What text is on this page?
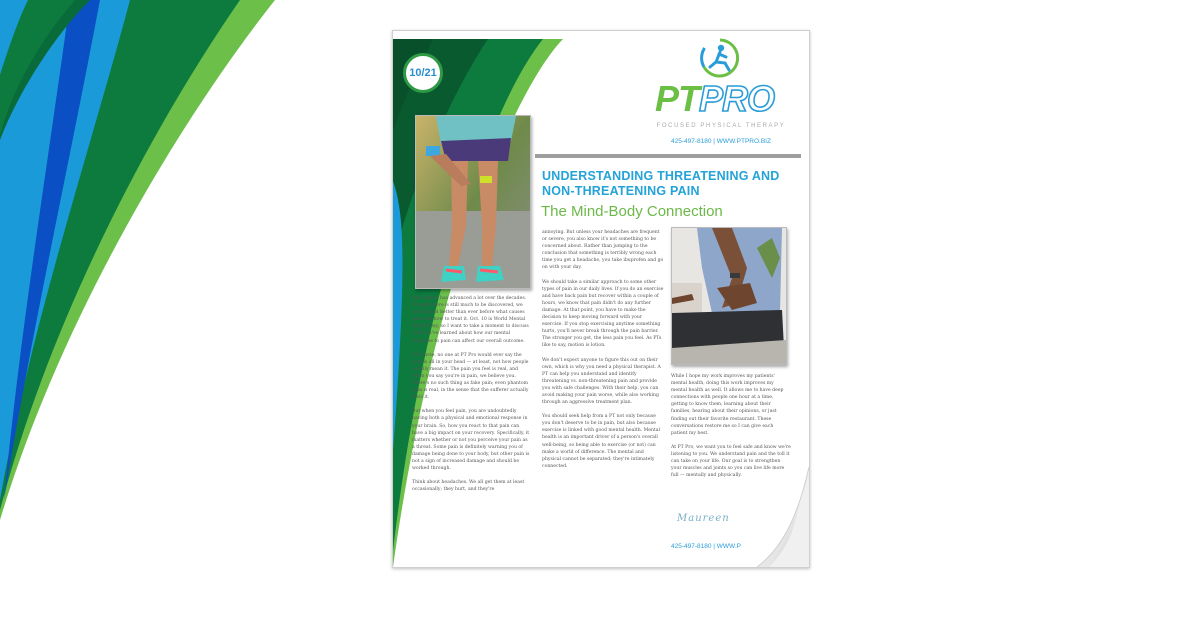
10/21
PTPRO
FOCUSED PHYSICAL THERAPY
425-497-8180 | WWW.PTPRO.BIZ
UNDERSTANDING THREATENING AND NON-THREATENING PAIN
The Mind-Body Connection

Pain theory has advanced a lot over the decades. Though there is still much to be discovered, we understand better than ever before what causes pain and how to treat it. Oct. 10 is World Mental Health Day, so I want to take a moment to discuss what we've learned about how our mental response to pain can affect our overall outcome.

Of course, no one at PT Pro would ever say the pain is all in your head — at least, not how people usually mean it. The pain you feel is real, and when you say you're in pain, we believe you. There's no such thing as fake pain; even phantom pain is real, in the sense that the sufferer actually feels it.

But when you feel pain, you are undoubtedly having both a physical and emotional response in your brain. So, how you react to that pain can have a big impact on your recovery. Specifically, it matters whether or not you perceive your pain as a threat. Some pain is definitely warning you of damage being done to your body, but other pain is not a sign of increased damage and should be worked through.

Think about headaches. We all get them at least occasionally; they hurt, and they're

annoying. But unless your headaches are frequent or severe, you also know it's not something to be concerned about. Rather than jumping to the conclusion that something is terribly wrong each time you get a headache, you take ibuprofen and go on with your day.

We should take a similar approach to some other types of pain in our daily lives. If you do an exercise and have back pain but recover within a couple of hours, we know that pain didn't do any further damage. At that point, you have to make the decision to keep moving forward with your exercise. If you stop exercising anytime something hurts, you'll never break through the pain barrier. The stronger you get, the less pain you feel. As PTs like to say, motion is lotion.

We don't expect anyone to figure this out on their own, which is why you need a physical therapist. A PT can help you understand and identify threatening vs. non-threatening pain and provide you with safe challenges. With their help, you can avoid making your pain worse, while also working through an aggressive treatment plan.

You should seek help from a PT not only because you don't deserve to be in pain, but also because exercise is linked with good mental health. Mental health is an important driver of a person's overall well-being, so being able to exercise (or not) can make a world of difference. The mental and physical cannot be separated; they're intimately connected.

While I hope my work improves my patients' mental health, doing this work improves my mental health as well. It allows me to have deep connections with people one hour at a time, getting to know them, learning about their families, hearing about their opinions, or just finding out their favorite restaurant. These conversations restore me so I can give each patient my best.

At PT Pro, we want you to feel safe and know we're listening to you. We understand pain and the toll it can take on your life. Our goal is to strengthen your muscles and joints so you can live life more full — mentally and physically.

Maureen
425-497-8180 | WWW.P
